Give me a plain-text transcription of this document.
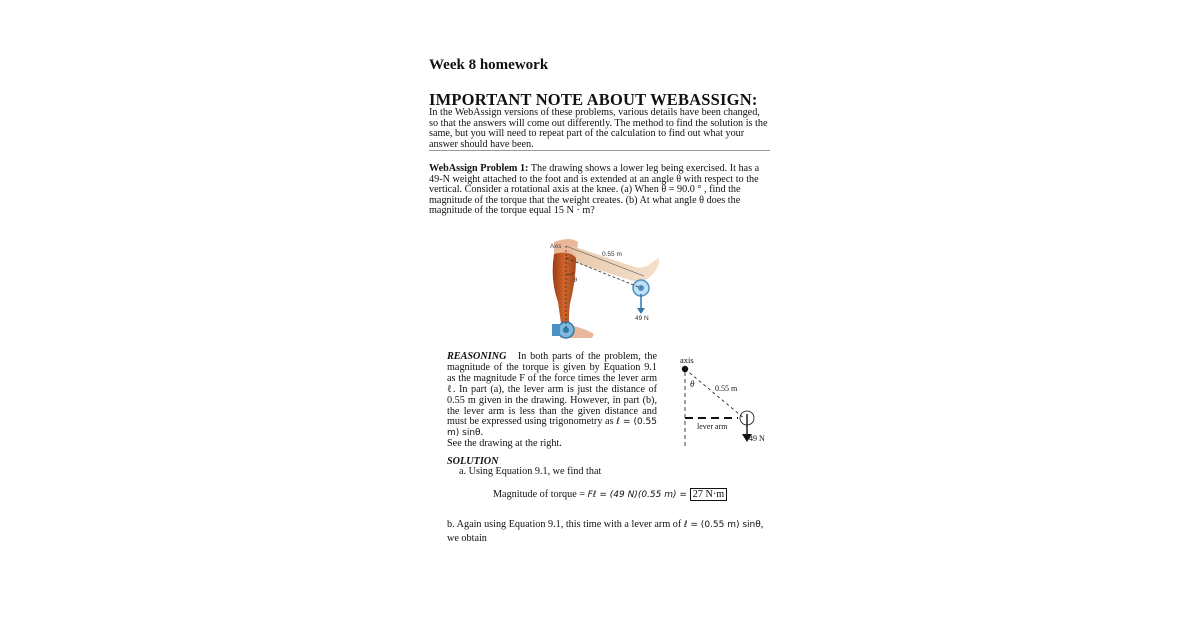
Week 8 homework
IMPORTANT NOTE ABOUT WEBASSIGN:
In the WebAssign versions of these problems, various details have been changed, so that the answers will come out differently. The method to find the solution is the same, but you will need to repeat part of the calculation to find out what your answer should have been.
WebAssign Problem 1: The drawing shows a lower leg being exercised. It has a 49-N weight attached to the foot and is extended at an angle θ with respect to the vertical. Consider a rotational axis at the knee. (a) When θ = 90.0 ° , find the magnitude of the torque that the weight creates. (b) At what angle θ does the magnitude of the torque equal 15 N · m?
Axis
0.55 m
θ
49 N
REASONING In both parts of the problem, the magnitude of the torque is given by Equation 9.1 as the magnitude F of the force times the lever arm ℓ. In part (a), the lever arm is just the distance of 0.55 m given in the drawing. However, in part (b), the lever arm is less than the given distance and must be expressed using trigonometry as ℓ = (0.55 m) sinθ.
See the drawing at the right.
axis
θ	0.55 m
lever arm
49 N
SOLUTION
a. Using Equation 9.1, we find that
Magnitude of torque = Fℓ = (49 N)(0.55 m) = 27 N·m
b. Again using Equation 9.1, this time with a lever arm of ℓ = (0.55 m) sinθ, we obtain
